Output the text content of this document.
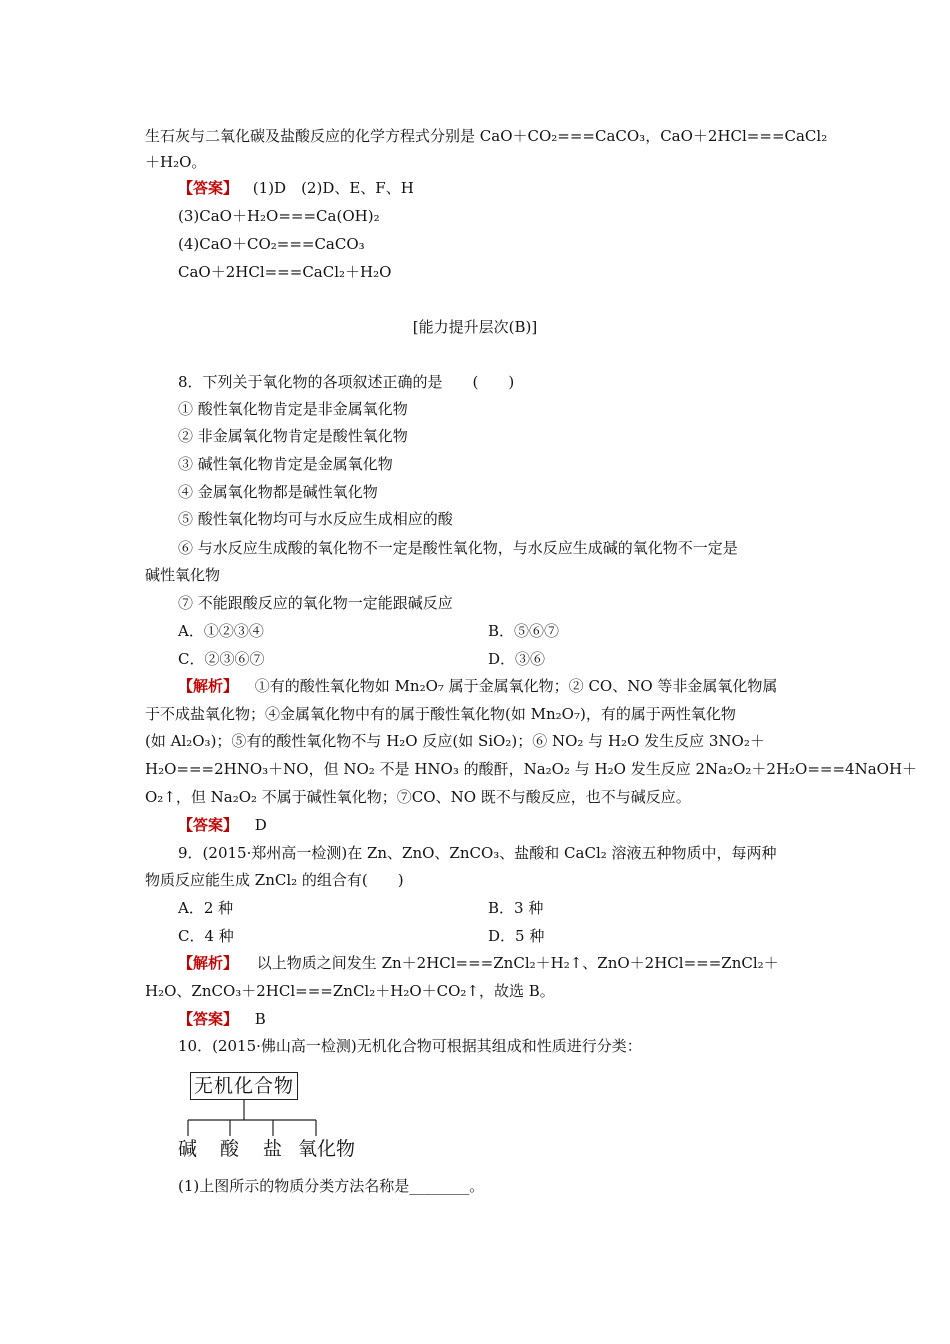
生石灰与二氧化碳及盐酸反应的化学方程式分别是 CaO＋CO₂===CaCO₃，CaO＋2HCl===CaCl₂
＋H₂O。
【答案】 (1)D　(2)D、E、F、H
(3)CaO＋H₂O===Ca(OH)₂
(4)CaO＋CO₂===CaCO₃
CaO＋2HCl===CaCl₂＋H₂O
[能力提升层次(B)]
8．下列关于氧化物的各项叙述正确的是　　(　　)
① 酸性氧化物肯定是非金属氧化物
② 非金属氧化物肯定是酸性氧化物
③ 碱性氧化物肯定是金属氧化物
④ 金属氧化物都是碱性氧化物
⑤ 酸性氧化物均可与水反应生成相应的酸
⑥ 与水反应生成酸的氧化物不一定是酸性氧化物，与水反应生成碱的氧化物不一定是
碱性氧化物
⑦ 不能跟酸反应的氧化物一定能跟碱反应
A．①②③④	B．⑤⑥⑦
C．②③⑥⑦	D．③⑥
【解析】 ①有的酸性氧化物如 Mn₂O₇ 属于金属氧化物；② CO、NO 等非金属氧化物属
于不成盐氧化物；④金属氧化物中有的属于酸性氧化物(如 Mn₂O₇)，有的属于两性氧化物
(如 Al₂O₃)；⑤有的酸性氧化物不与 H₂O 反应(如 SiO₂)；⑥ NO₂ 与 H₂O 发生反应 3NO₂＋
H₂O===2HNO₃＋NO，但 NO₂ 不是 HNO₃ 的酸酐，Na₂O₂ 与 H₂O 发生反应 2Na₂O₂＋2H₂O===4NaOH＋
O₂↑，但 Na₂O₂ 不属于碱性氧化物；⑦CO、NO 既不与酸反应，也不与碱反应。
【答案】 D
9．(2015·郑州高一检测)在 Zn、ZnO、ZnCO₃、盐酸和 CaCl₂ 溶液五种物质中，每两种
物质反应能生成 ZnCl₂ 的组合有(　　)
A．2 种	B．3 种
C．4 种	D．5 种
【解析】 以上物质之间发生 Zn＋2HCl===ZnCl₂＋H₂↑、ZnO＋2HCl===ZnCl₂＋
H₂O、ZnCO₃＋2HCl===ZnCl₂＋H₂O＋CO₂↑，故选 B。
【答案】 B
10．(2015·佛山高一检测)无机化合物可根据其组成和性质进行分类：
无机化合物
碱 酸 盐 氧化物
(1)上图所示的物质分类方法名称是________。
